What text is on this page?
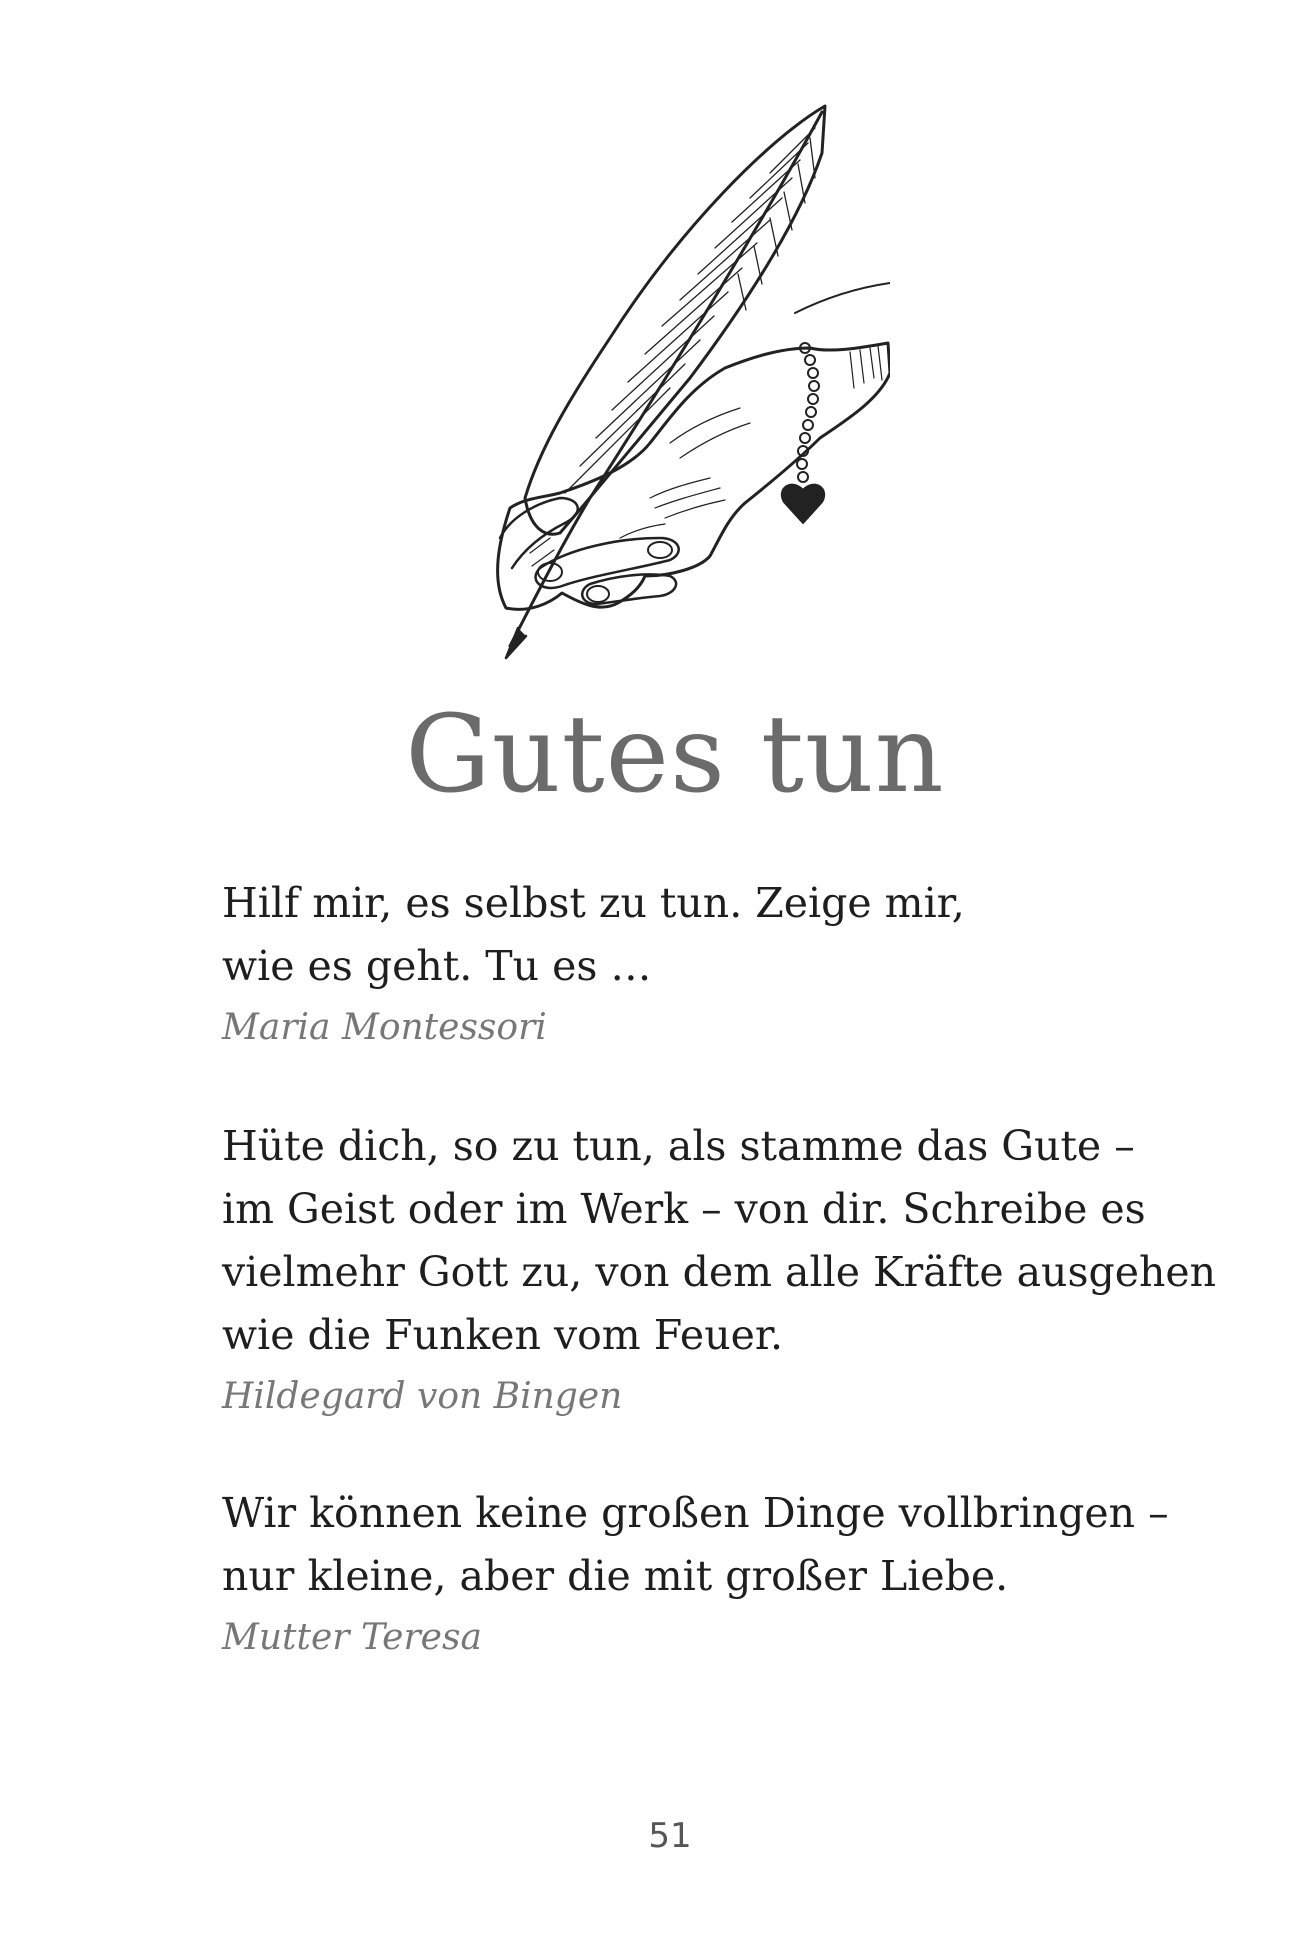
Gutes tun
Hilf mir, es selbst zu tun. Zeige mir,
wie es geht. Tu es …
Maria Montessori
Hüte dich, so zu tun, als stamme das Gute –
im Geist oder im Werk – von dir. Schreibe es
vielmehr Gott zu, von dem alle Kräfte ausgehen
wie die Funken vom Feuer.
Hildegard von Bingen
Wir können keine großen Dinge vollbringen –
nur kleine, aber die mit großer Liebe.
Mutter Teresa
51
